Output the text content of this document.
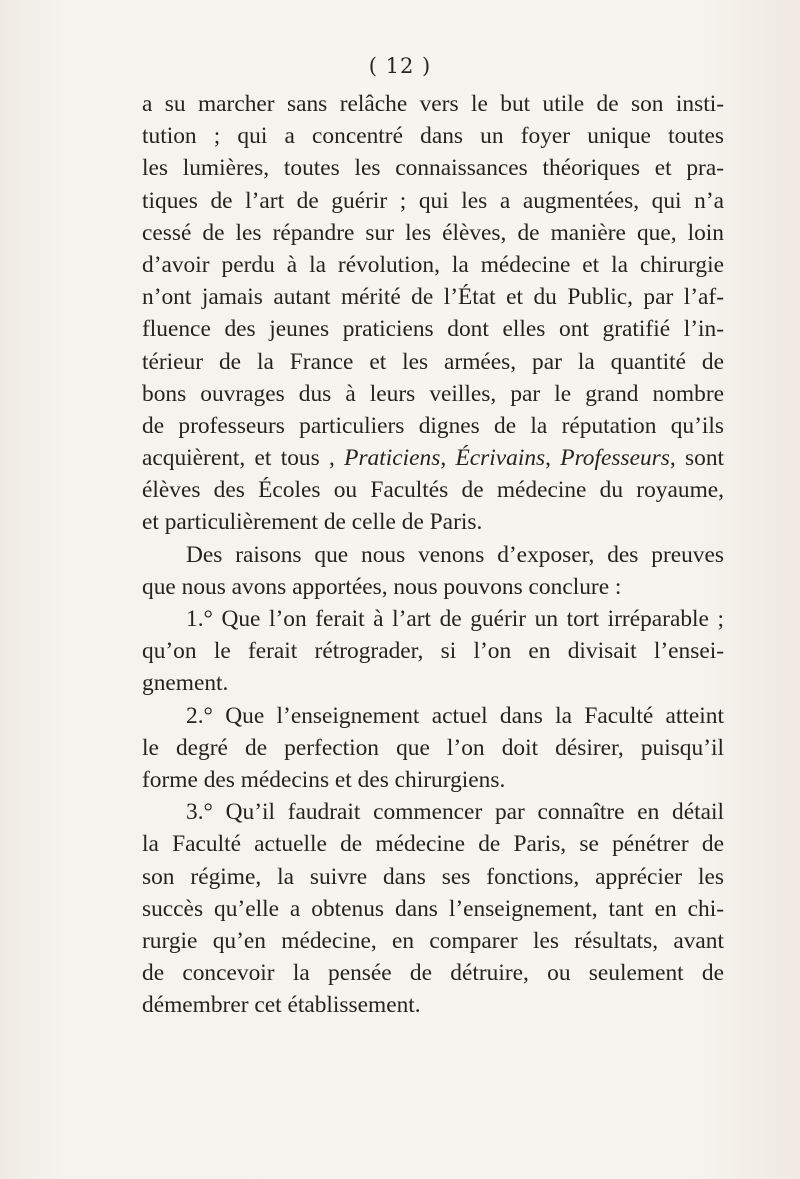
( 12 )
a su marcher sans relâche vers le but utile de son insti-
tution ; qui a concentré dans un foyer unique toutes
les lumières, toutes les connaissances théoriques et pra-
tiques de l’art de guérir ; qui les a augmentées, qui n’a
cessé de les répandre sur les élèves, de manière que, loin
d’avoir perdu à la révolution, la médecine et la chirurgie
n’ont jamais autant mérité de l’État et du Public, par l’af-
fluence des jeunes praticiens dont elles ont gratifié l’in-
térieur de la France et les armées, par la quantité de
bons ouvrages dus à leurs veilles, par le grand nombre
de professeurs particuliers dignes de la réputation qu’ils
acquièrent, et tous , Praticiens, Écrivains, Professeurs, sont
élèves des Écoles ou Facultés de médecine du royaume,
et particulièrement de celle de Paris.
Des raisons que nous venons d’exposer, des preuves
que nous avons apportées, nous pouvons conclure :
1.° Que l’on ferait à l’art de guérir un tort irréparable ;
qu’on le ferait rétrograder, si l’on en divisait l’ensei-
gnement.
2.° Que l’enseignement actuel dans la Faculté atteint
le degré de perfection que l’on doit désirer, puisqu’il
forme des médecins et des chirurgiens.
3.° Qu’il faudrait commencer par connaître en détail
la Faculté actuelle de médecine de Paris, se pénétrer de
son régime, la suivre dans ses fonctions, apprécier les
succès qu’elle a obtenus dans l’enseignement, tant en chi-
rurgie qu’en médecine, en comparer les résultats, avant
de concevoir la pensée de détruire, ou seulement de
démembrer cet établissement.
